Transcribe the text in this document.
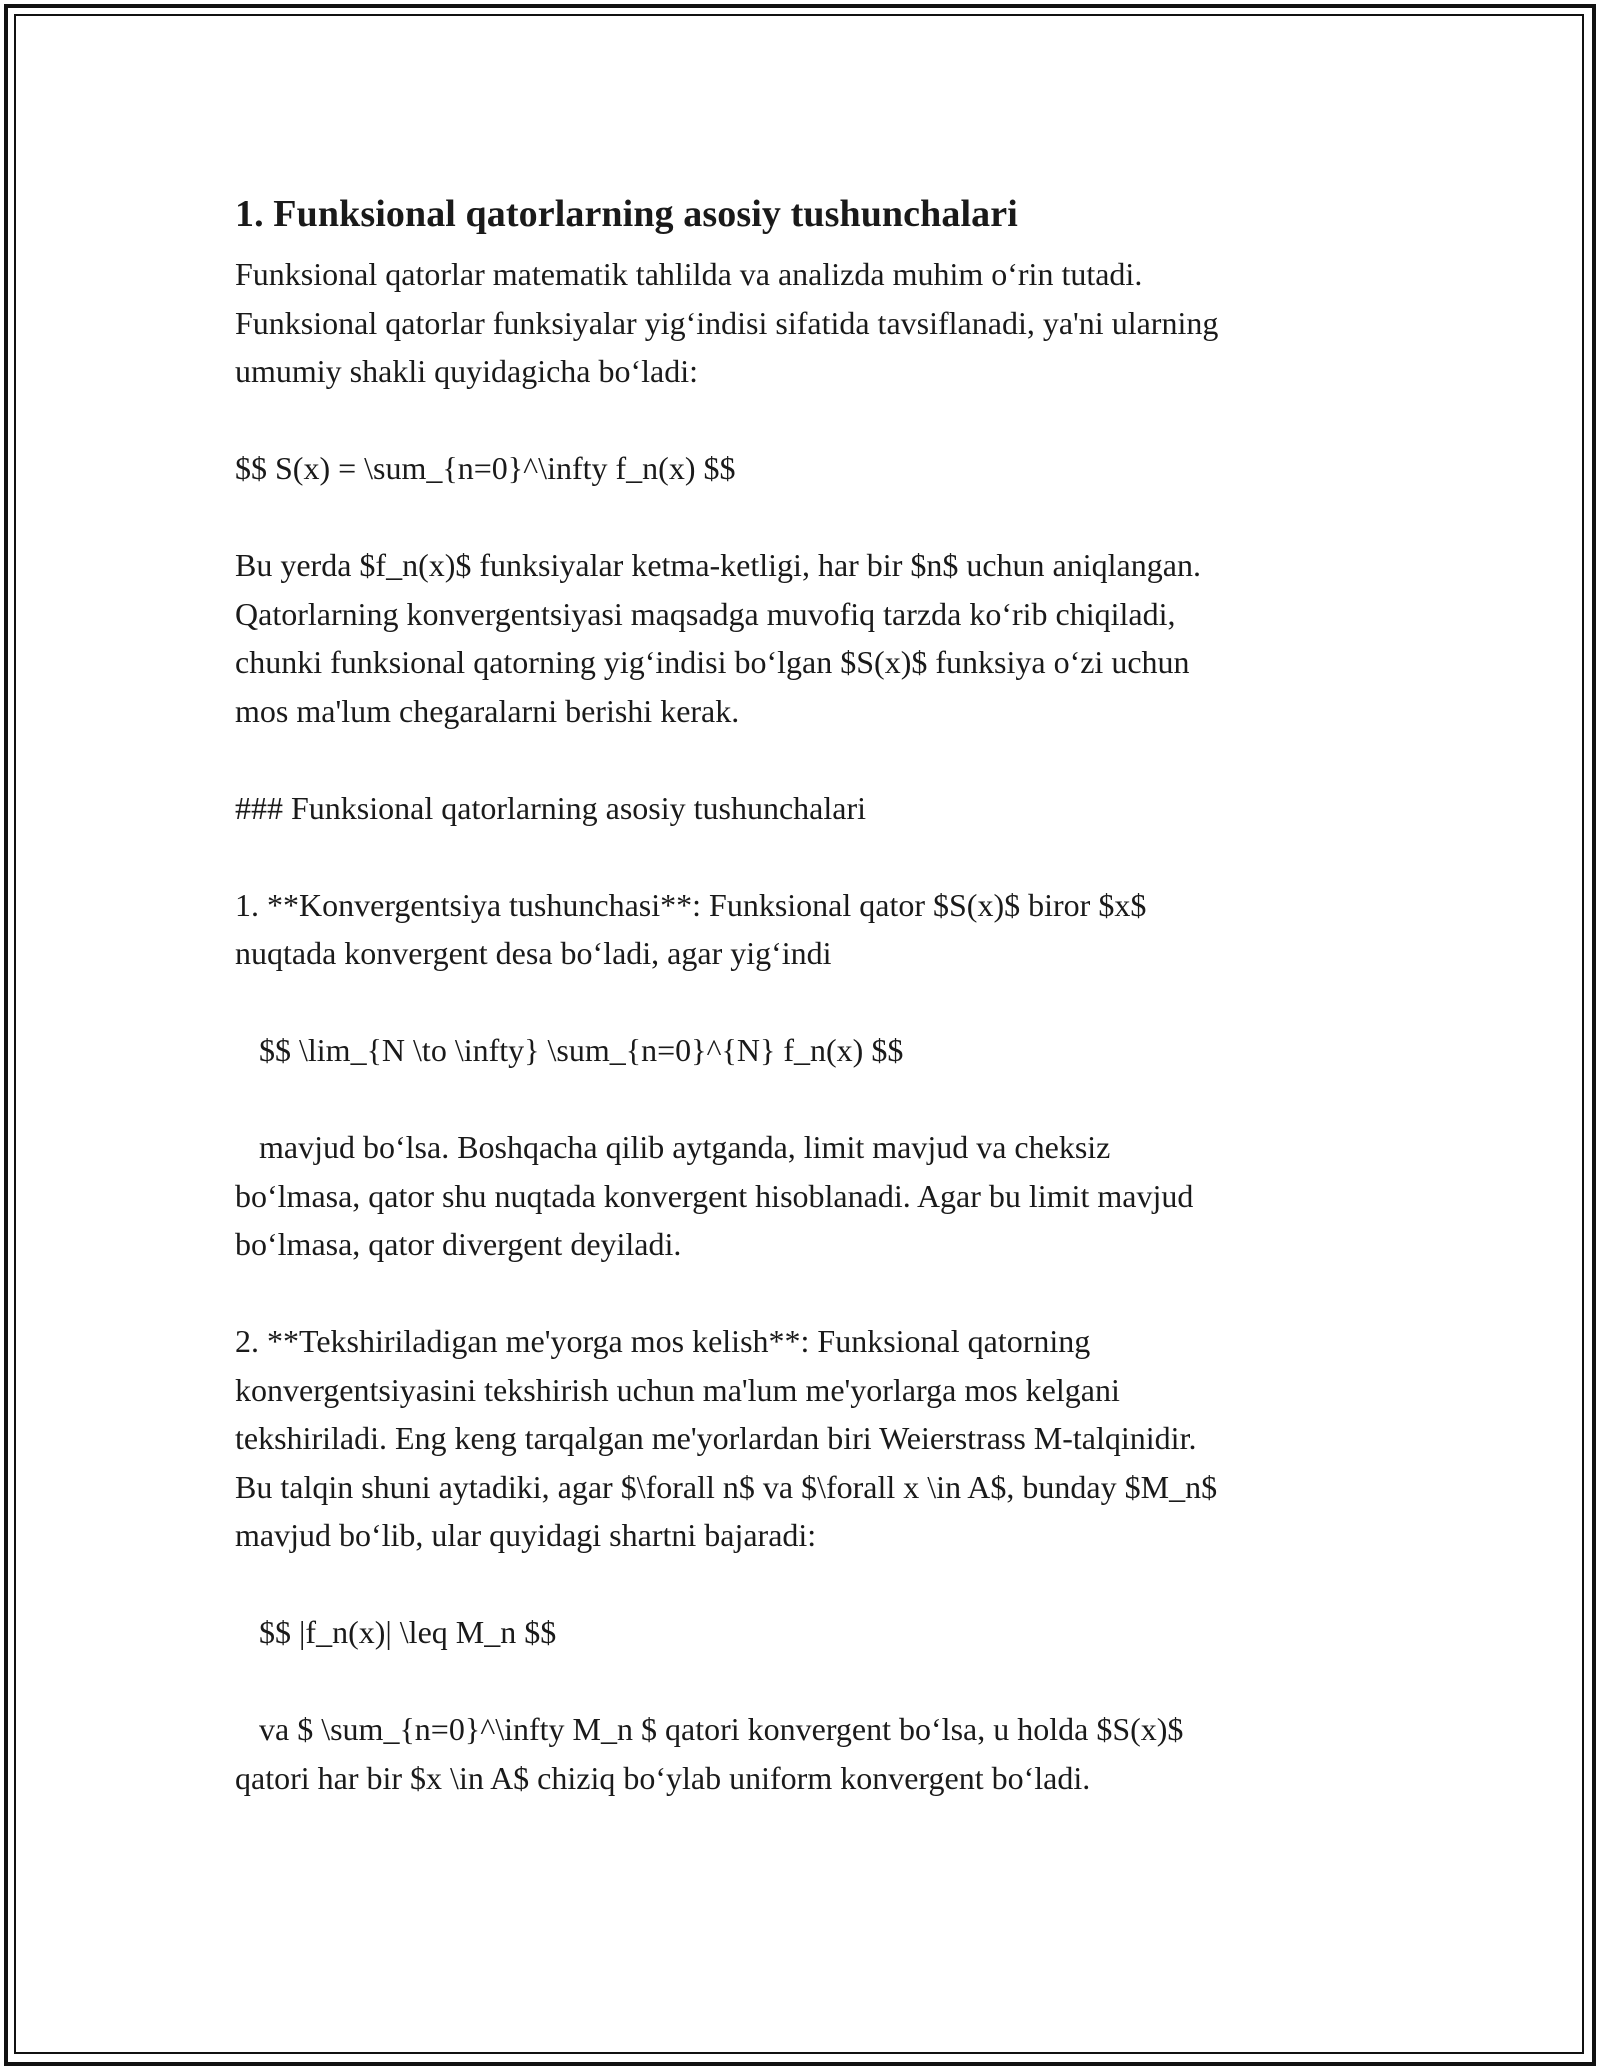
1. Funksional qatorlarning asosiy tushunchalari

Funksional qatorlar matematik tahlilda va analizda muhim o‘rin tutadi.
Funksional qatorlar funksiyalar yig‘indisi sifatida tavsiflanadi, ya'ni ularning
umumiy shakli quyidagicha bo‘ladi:

$$ S(x) = \sum_{n=0}^\infty f_n(x) $$

Bu yerda $f_n(x)$ funksiyalar ketma-ketligi, har bir $n$ uchun aniqlangan.
Qatorlarning konvergentsiyasi maqsadga muvofiq tarzda ko‘rib chiqiladi,
chunki funksional qatorning yig‘indisi bo‘lgan $S(x)$ funksiya o‘zi uchun
mos ma'lum chegaralarni berishi kerak.

### Funksional qatorlarning asosiy tushunchalari

1. **Konvergentsiya tushunchasi**: Funksional qator $S(x)$ biror $x$
nuqtada konvergent desa bo‘ladi, agar yig‘indi

$$ \lim_{N \to \infty} \sum_{n=0}^{N} f_n(x) $$

mavjud bo‘lsa. Boshqacha qilib aytganda, limit mavjud va cheksiz
bo‘lmasa, qator shu nuqtada konvergent hisoblanadi. Agar bu limit mavjud
bo‘lmasa, qator divergent deyiladi.

2. **Tekshiriladigan me'yorga mos kelish**: Funksional qatorning
konvergentsiyasini tekshirish uchun ma'lum me'yorlarga mos kelgani
tekshiriladi. Eng keng tarqalgan me'yorlardan biri Weierstrass M-talqinidir.
Bu talqin shuni aytadiki, agar $\forall n$ va $\forall x \in A$, bunday $M_n$
mavjud bo‘lib, ular quyidagi shartni bajaradi:

$$ |f_n(x)| \leq M_n $$

va $ \sum_{n=0}^\infty M_n $ qatori konvergent bo‘lsa, u holda $S(x)$
qatori har bir $x \in A$ chiziq bo‘ylab uniform konvergent bo‘ladi.
